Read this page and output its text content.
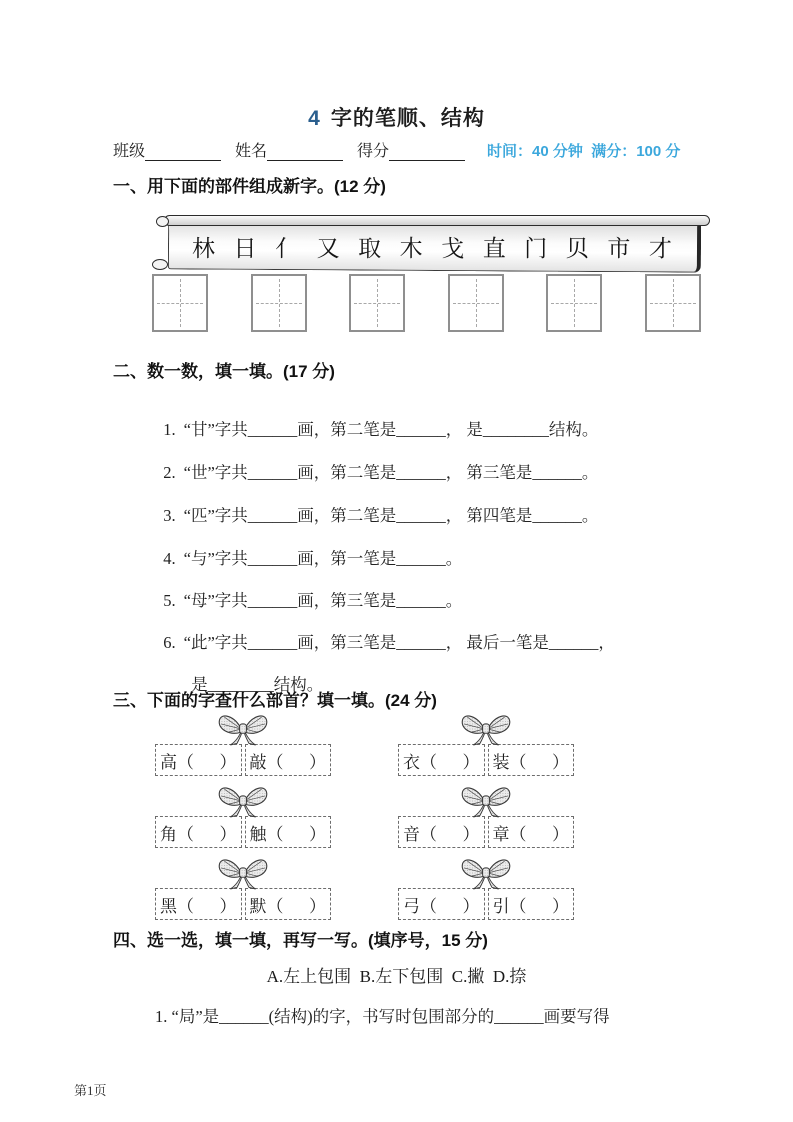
4 字的笔顺、结构
班级	姓名	得分	时间：40 分钟  满分：100 分
一、用下面的部件组成新字。(12 分)
林 日 亻 又 取 木 戈 直 门 贝 市 才
二、数一数，填一填。(17 分)

1. “甘”字共______画，第二笔是______， 是________结构。

2. “世”字共______画，第二笔是______， 第三笔是______。

3. “匹”字共______画，第二笔是______， 第四笔是______。

4. “与”字共______画，第一笔是______。

5. “母”字共______画，第三笔是______。

6. “此”字共______画，第三笔是______， 最后一笔是______，

是________结构。

三、下面的字查什么部首？填一填。(24 分)
高（      ） 敲（      ）	衣（      ） 装（      ）
角（      ） 触（      ）	音（      ） 章（      ）
黑（      ） 默（      ）	弓（      ） 引（      ）
四、选一选，填一填，再写一写。(填序号，15 分)
A.左上包围  B.左下包围  C.撇  D.捺
1. “局”是______(结构)的字，书写时包围部分的______画要写得
第1页
